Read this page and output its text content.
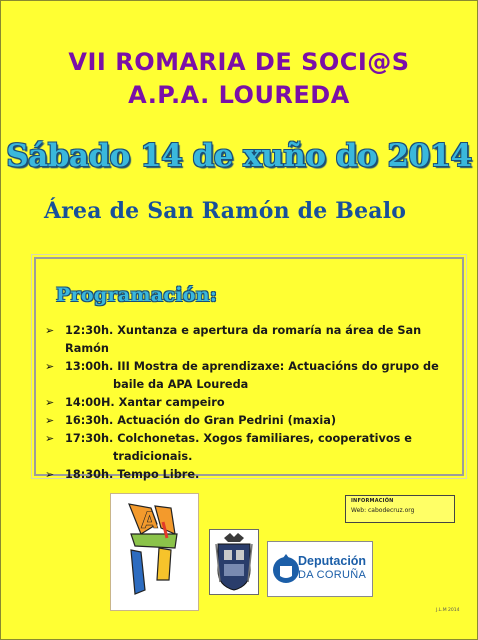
VII ROMARIA DE SOCI@S
A.P.A. LOUREDA
Sábado 14 de xuño do 2014
Área de San Ramón de Bealo
Programación:
➢ 12:30h. Xuntanza e apertura da romaría na área de San Ramón
➢ 13:00h. III Mostra de aprendizaxe: Actuacións do grupo de
baile da APA Loureda
➢ 14:00H. Xantar campeiro
➢ 16:30h. Actuación do Gran Pedrini (maxia)
➢ 17:30h. Colchonetas. Xogos familiares, cooperativos e
tradicionais.
➢ 18:30h. Tempo Libre.
INFORMACIÓN
Web: cabodecruz.org
A
Deputación
DA CORUÑA
J.L.M 2014
